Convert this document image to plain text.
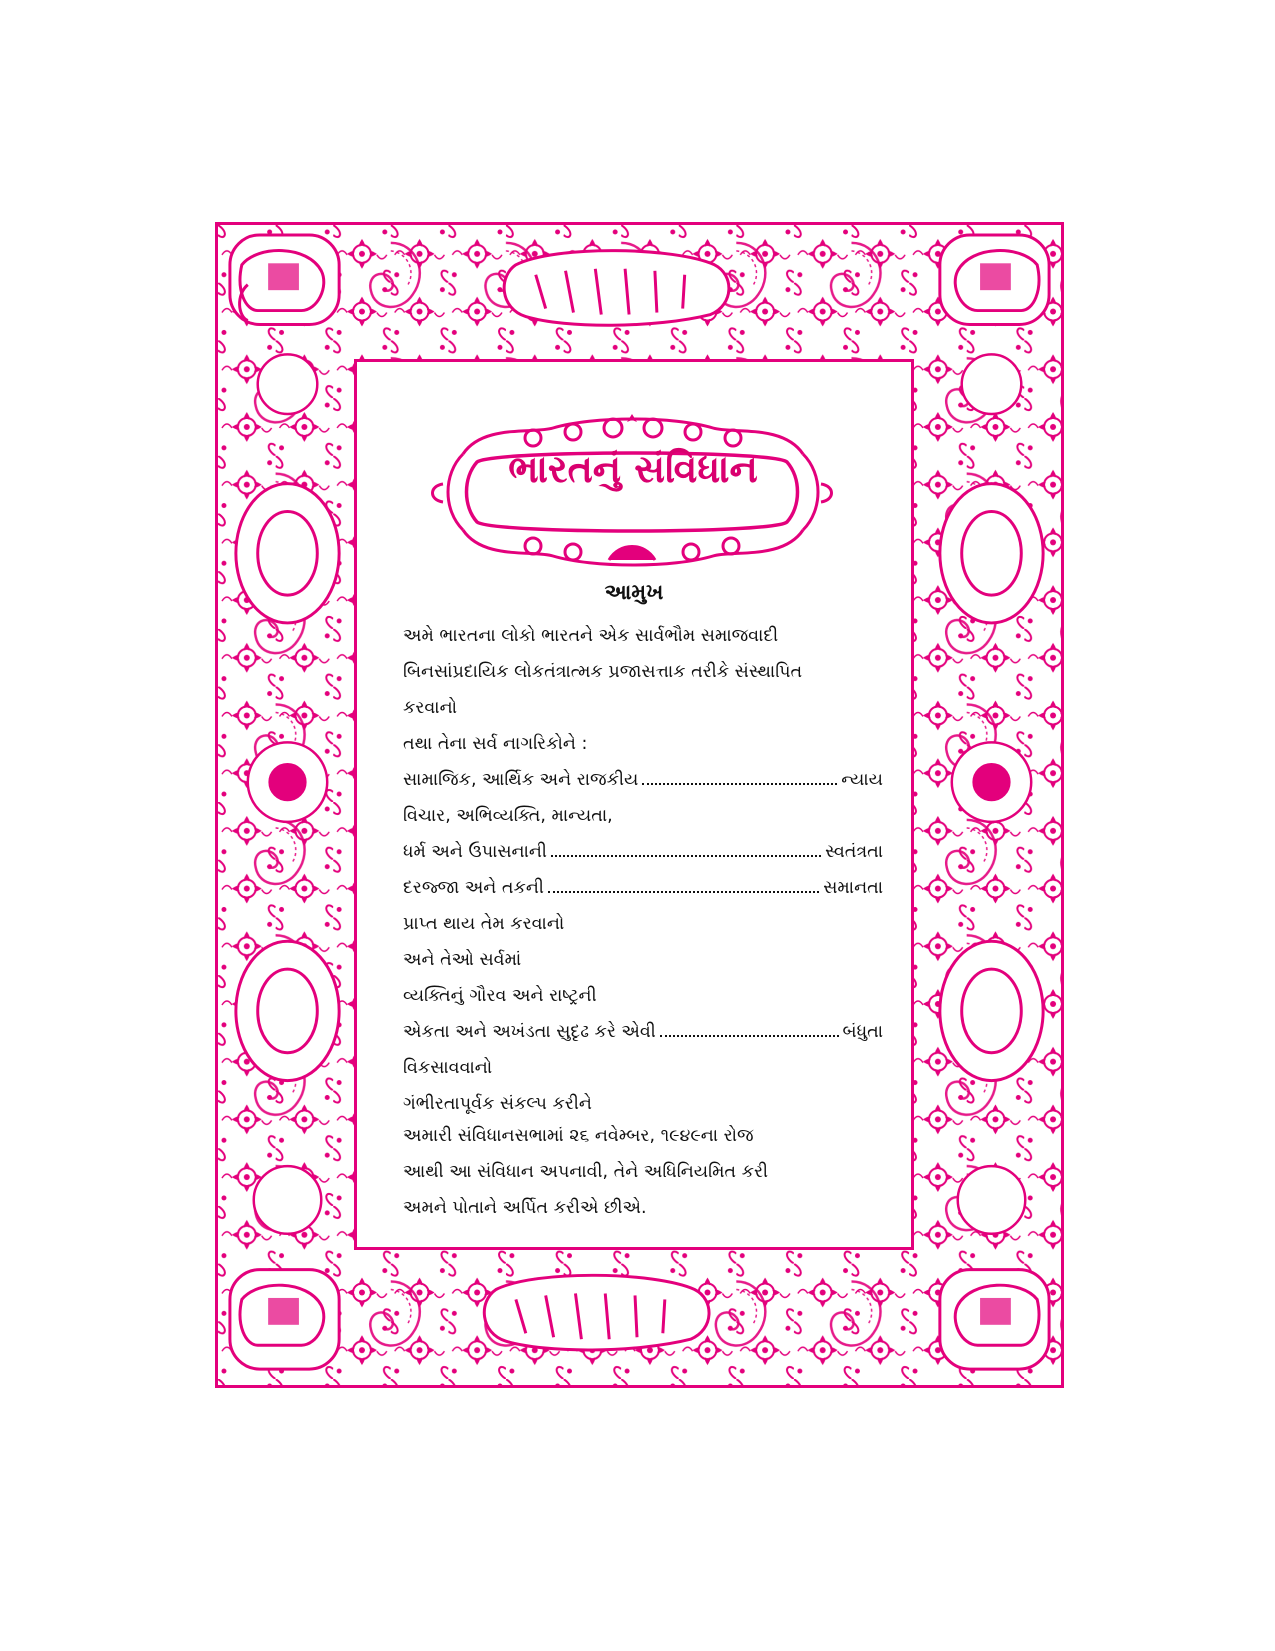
ભારતનું સંવિધાન
આમુખ
અમે ભારતના લોકો ભારતને એક સાર્વભૌમ સમાજવાદી
બિનસાંપ્રદાયિક લોકતંત્રાત્મક પ્રજાસત્તાક તરીકે સંસ્થાપિત
કરવાનો
તથા તેના સર્વ નાગરિકોને :
સામાજિક, આર્થિક અને રાજકીય	ન્યાય
વિચાર, અભિવ્યક્તિ, માન્યતા,
ધર્મ અને ઉપાસનાની	સ્વતંત્રતા
દરજ્જા અને તકની	સમાનતા
પ્રાપ્ત થાય તેમ કરવાનો
અને તેઓ સર્વમાં
વ્યક્તિનું ગૌરવ અને રાષ્ટ્રની
એકતા અને અખંડતા સુદૃઢ કરે એવી	બંધુતા
વિકસાવવાનો
ગંભીરતાપૂર્વક સંકલ્પ કરીને
અમારી સંવિધાનસભામાં ૨૬ નવેમ્બર, ૧૯૪૯ના રોજ
આથી આ સંવિધાન અપનાવી, તેને અધિનિયમિત કરી
અમને પોતાને અર્પિત કરીએ છીએ.
